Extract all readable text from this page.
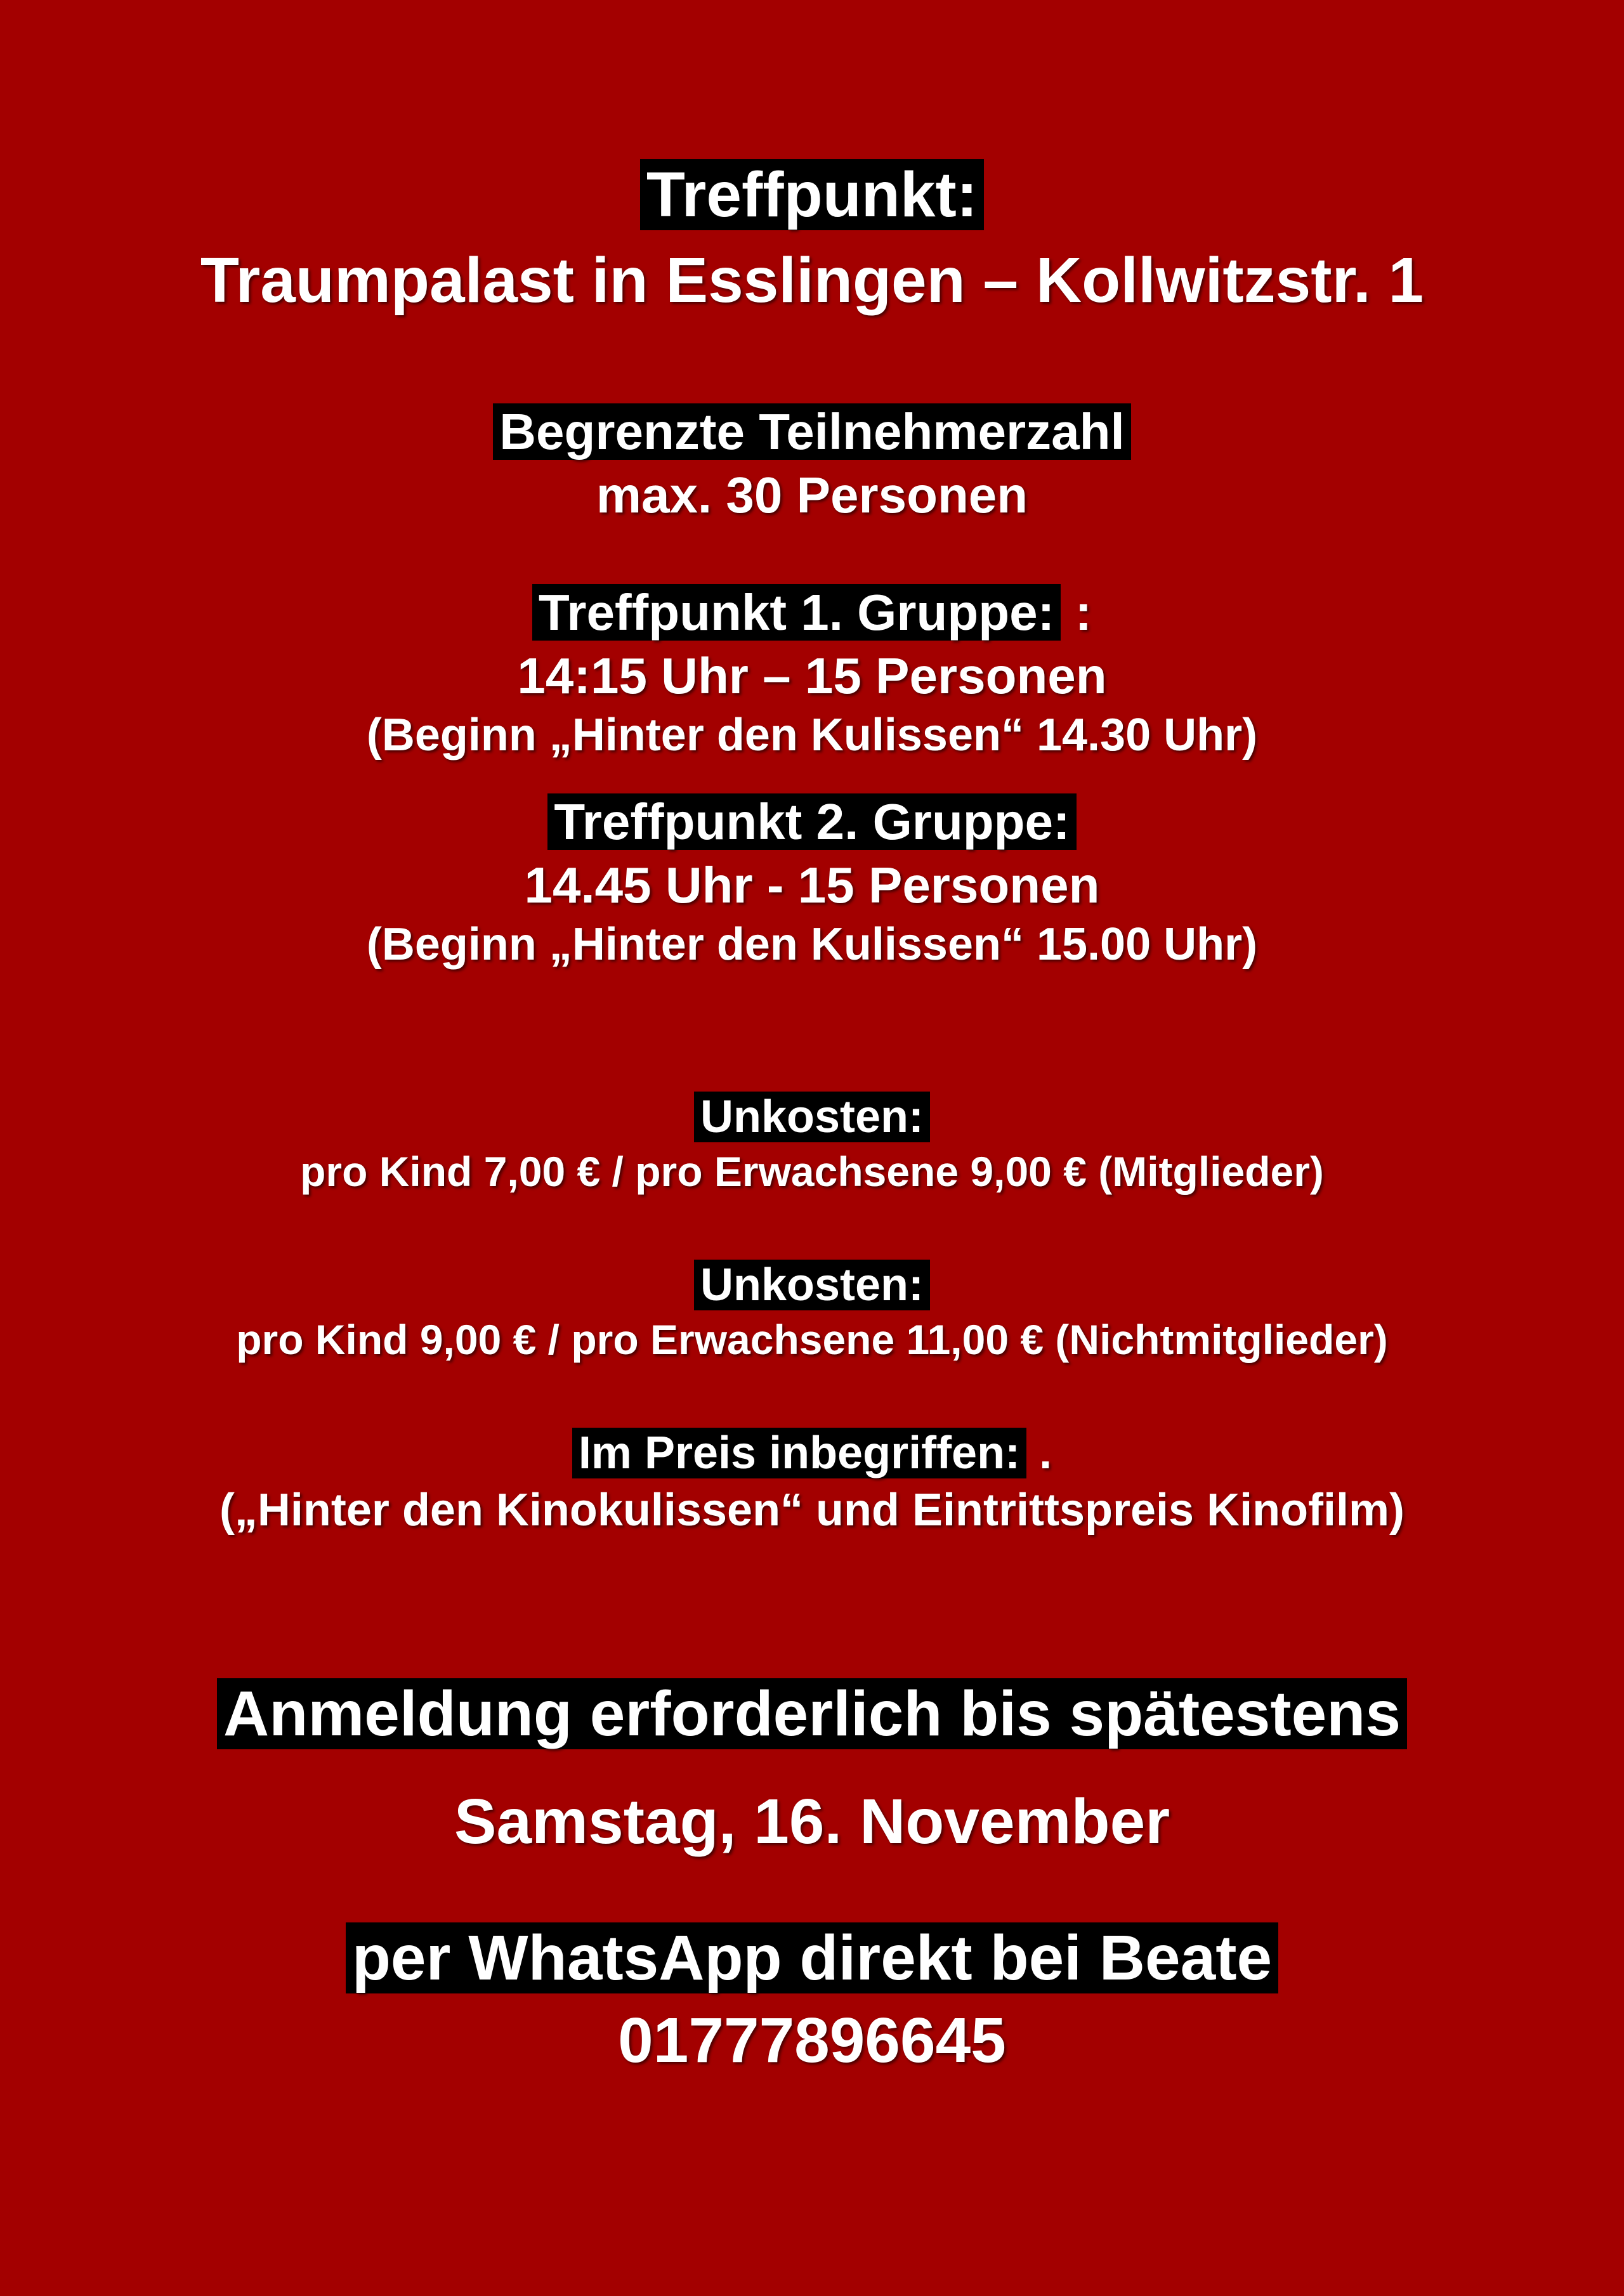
Treffpunkt:
Traumpalast in Esslingen – Kollwitzstr. 1
Begrenzte Teilnehmerzahl
max. 30 Personen
Treffpunkt 1. Gruppe: :
14:15 Uhr – 15 Personen
(Beginn „Hinter den Kulissen“ 14.30 Uhr)
Treffpunkt 2. Gruppe:
14.45 Uhr - 15 Personen
(Beginn „Hinter den Kulissen“ 15.00 Uhr)
Unkosten:
pro Kind 7,00 € / pro Erwachsene 9,00 € (Mitglieder)
Unkosten:
pro Kind 9,00 € / pro Erwachsene 11,00 € (Nichtmitglieder)
Im Preis inbegriffen: .
(„Hinter den Kinokulissen“ und Eintrittspreis Kinofilm)
Anmeldung erforderlich bis spätestens
Samstag, 16. November
per WhatsApp direkt bei Beate
01777896645
